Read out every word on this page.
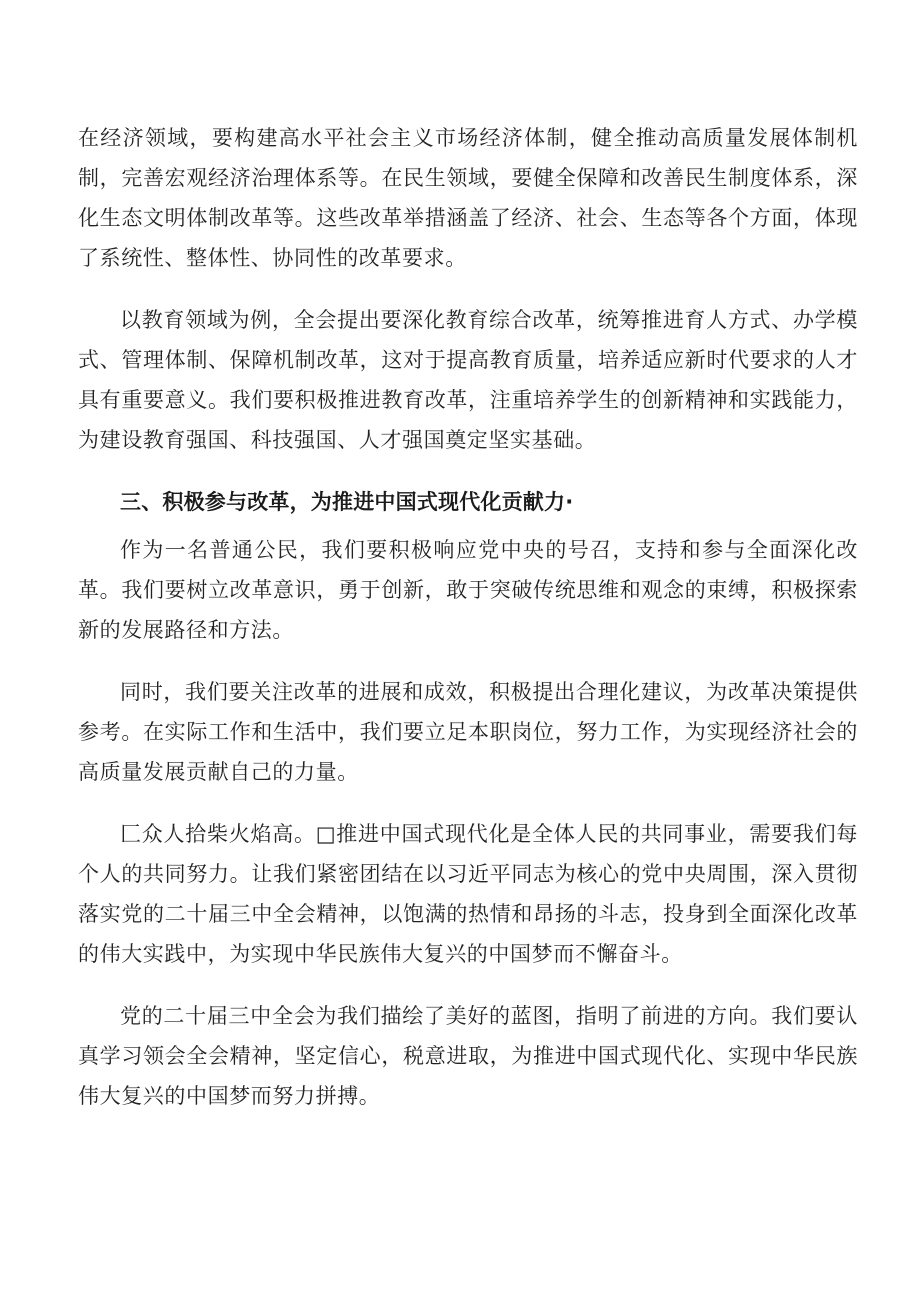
在经济领域，要构建高水平社会主义市场经济体制，健全推动高质量发展体制机制，完善宏观经济治理体系等。在民生领域，要健全保障和改善民生制度体系，深化生态文明体制改革等。这些改革举措涵盖了经济、社会、生态等各个方面，体现了系统性、整体性、协同性的改革要求。

以教育领域为例，全会提出要深化教育综合改革，统筹推进育人方式、办学模式、管理体制、保障机制改革，这对于提高教育质量，培养适应新时代要求的人才具有重要意义。我们要积极推进教育改革，注重培养学生的创新精神和实践能力，为建设教育强国、科技强国、人才强国奠定坚实基础。

三、积极参与改革，为推进中国式现代化贡献力·

作为一名普通公民，我们要积极响应党中央的号召，支持和参与全面深化改革。我们要树立改革意识，勇于创新，敢于突破传统思维和观念的束缚，积极探索新的发展路径和方法。

同时，我们要关注改革的进展和成效，积极提出合理化建议，为改革决策提供参考。在实际工作和生活中，我们要立足本职岗位，努力工作，为实现经济社会的高质量发展贡献自己的力量。

匚众人拾柴火焰高。□推进中国式现代化是全体人民的共同事业，需要我们每个人的共同努力。让我们紧密团结在以习近平同志为核心的党中央周围，深入贯彻落实党的二十届三中全会精神，以饱满的热情和昂扬的斗志，投身到全面深化改革的伟大实践中，为实现中华民族伟大复兴的中国梦而不懈奋斗。

党的二十届三中全会为我们描绘了美好的蓝图，指明了前进的方向。我们要认真学习领会全会精神，坚定信心，税意进取，为推进中国式现代化、实现中华民族伟大复兴的中国梦而努力拼搏。
